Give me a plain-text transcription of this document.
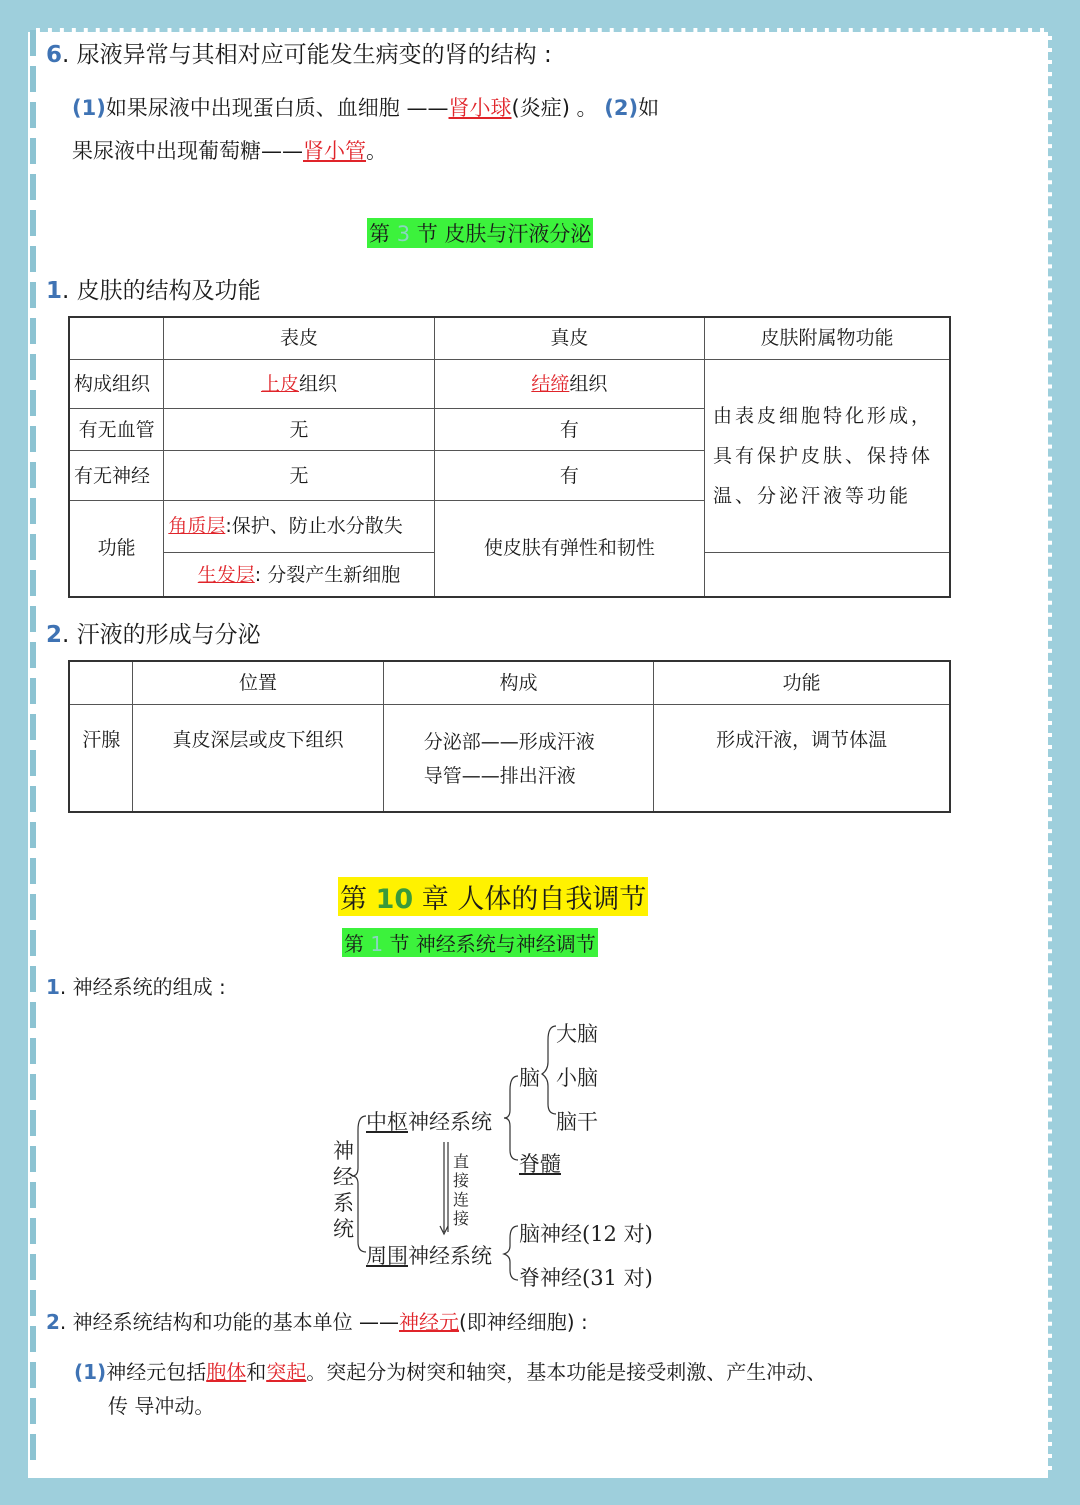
6. 尿液异常与其相对应可能发生病变的肾的结构 :
(1)如果尿液中出现蛋白质、血细胞 ——肾小球(炎症) 。 (2)如
果尿液中出现葡萄糖——肾小管。
第 3 节 皮肤与汗液分泌
1. 皮肤的结构及功能
	表皮	真皮	皮肤附属物功能
构成组织	上皮组织	结缔组织	由表皮细胞特化形成，具有保护皮肤、保持体 温、分泌汗液等功能
有无血管	无	有	
有无神经	无	有	
功能	角质层:保护、防止水分散失	使皮肤有弹性和韧性	
	生发层: 分裂产生新细胞		
2. 汗液的形成与分泌
	位置	构成	功能
汗腺	真皮深层或皮下组织	分泌部——形成汗液 导管——排出汗液	形成汗液，调节体温
第 10 章 人体的自我调节
第 1 节 神经系统与神经调节
1. 神经系统的组成 :
神经系统
中枢神经系统
脑
大脑
小脑
脑干
脊髓
直接连接
周围神经系统
脑神经(12 对)
脊神经(31 对)
2. 神经系统结构和功能的基本单位 ——神经元(即神经细胞) :
(1)神经元包括胞体和突起。突起分为树突和轴突，基本功能是接受刺激、产生冲动、
传 导冲动。
